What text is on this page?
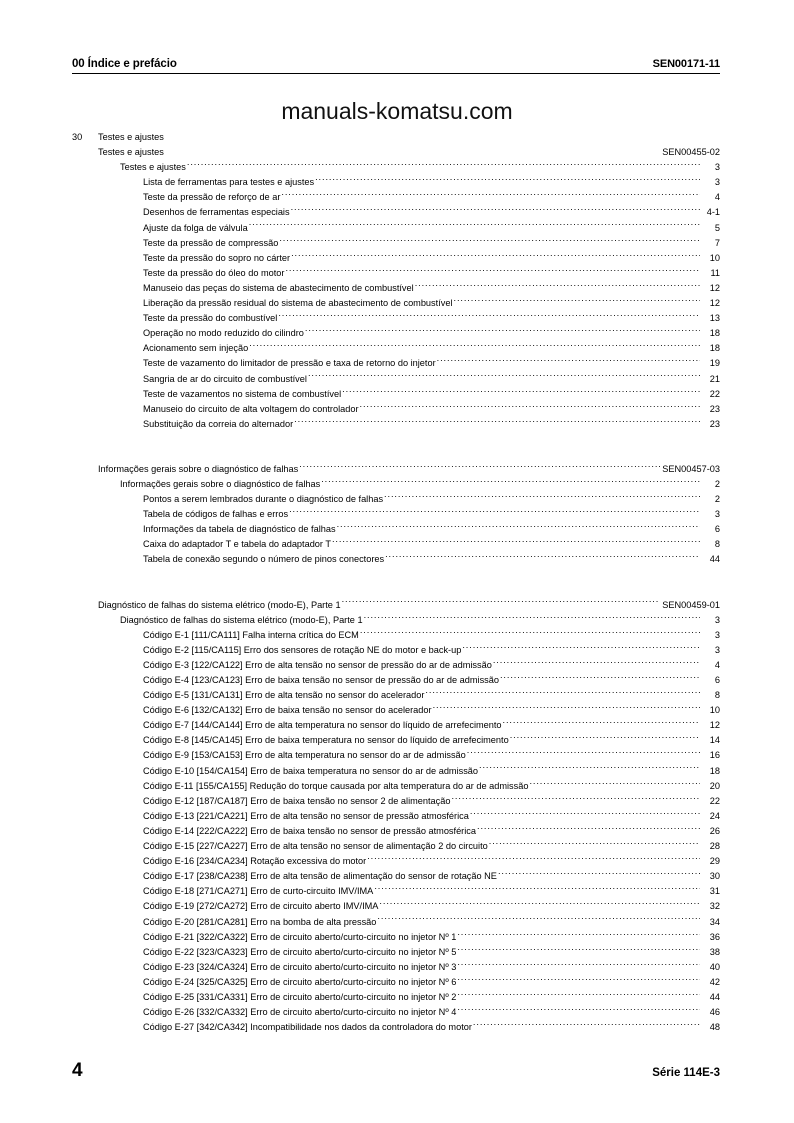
00 Índice e prefácio	SEN00171-11
manuals-komatsu.com
30	Testes e ajustes
Testes e ajustes	SEN00455-02
Testes e ajustes .....	3
Lista de ferramentas para testes e ajustes .....	3
Teste da pressão de reforço de ar .....	4
Desenhos de ferramentas especiais .....	4-1
Ajuste da folga de válvula .....	5
Teste da pressão de compressão .....	7
Teste da pressão do sopro no cárter .....	10
Teste da pressão do óleo do motor .....	11
Manuseio das peças do sistema de abastecimento de combustível .....	12
Liberação da pressão residual do sistema de abastecimento de combustível .....	12
Teste da pressão do combustível .....	13
Operação no modo reduzido do cilindro .....	18
Acionamento sem injeção .....	18
Teste de vazamento do limitador de pressão e taxa de retorno do injetor .....	19
Sangria de ar do circuito de combustível .....	21
Teste de vazamentos no sistema de combustível .....	22
Manuseio do circuito de alta voltagem do controlador .....	23
Substituição da correia do alternador .....	23
Informações gerais sobre o diagnóstico de falhas .....	SEN00457-03
Informações gerais sobre o diagnóstico de falhas .....	2
Pontos a serem lembrados durante o diagnóstico de falhas .....	2
Tabela de códigos de falhas e erros .....	3
Informações da tabela de diagnóstico de falhas .....	6
Caixa do adaptador T e tabela do adaptador T .....	8
Tabela de conexão segundo o número de pinos conectores .....	44
Diagnóstico de falhas do sistema elétrico (modo-E), Parte 1 .....	SEN00459-01
Diagnóstico de falhas do sistema elétrico (modo-E), Parte 1 .....	3
Código E-1 [111/CA111] Falha interna crítica do ECM .....	3
Código E-2 [115/CA115] Erro dos sensores de rotação NE do motor e back-up .....	3
Código E-3 [122/CA122] Erro de alta tensão no sensor de pressão do ar de admissão .....	4
Código E-4 [123/CA123] Erro de baixa tensão no sensor de pressão do ar de admissão .....	6
Código E-5 [131/CA131] Erro de alta tensão no sensor do acelerador .....	8
Código E-6 [132/CA132] Erro de baixa tensão no sensor do acelerador .....	10
Código E-7 [144/CA144] Erro de alta temperatura no sensor do líquido de arrefecimento .....	12
Código E-8 [145/CA145] Erro de baixa temperatura no sensor do líquido de arrefecimento .....	14
Código E-9 [153/CA153] Erro de alta temperatura no sensor do ar de admissão .....	16
Código E-10 [154/CA154] Erro de baixa temperatura no sensor do ar de admissão .....	18
Código E-11 [155/CA155] Redução do torque causada por alta temperatura do ar de admissão .....	20
Código E-12 [187/CA187] Erro de baixa tensão no sensor 2 de alimentação .....	22
Código E-13 [221/CA221] Erro de alta tensão no sensor de pressão atmosférica .....	24
Código E-14 [222/CA222] Erro de baixa tensão no sensor de pressão atmosférica .....	26
Código E-15 [227/CA227] Erro de alta tensão no sensor de alimentação 2 do circuito .....	28
Código E-16 [234/CA234] Rotação excessiva do motor .....	29
Código E-17 [238/CA238] Erro de alta tensão de alimentação do sensor de rotação NE .....	30
Código E-18 [271/CA271] Erro de curto-circuito IMV/IMA .....	31
Código E-19 [272/CA272] Erro de circuito aberto IMV/IMA .....	32
Código E-20 [281/CA281] Erro na bomba de alta pressão .....	34
Código E-21 [322/CA322] Erro de circuito aberto/curto-circuito no injetor Nº 1 .....	36
Código E-22 [323/CA323] Erro de circuito aberto/curto-circuito no injetor Nº 5 .....	38
Código E-23 [324/CA324] Erro de circuito aberto/curto-circuito no injetor Nº 3 .....	40
Código E-24 [325/CA325] Erro de circuito aberto/curto-circuito no injetor Nº 6 .....	42
Código E-25 [331/CA331] Erro de circuito aberto/curto-circuito no injetor Nº 2 .....	44
Código E-26 [332/CA332] Erro de circuito aberto/curto-circuito no injetor Nº 4 .....	46
Código E-27 [342/CA342] Incompatibilidade nos dados da controladora do motor .....	48
4	Série 114E-3
